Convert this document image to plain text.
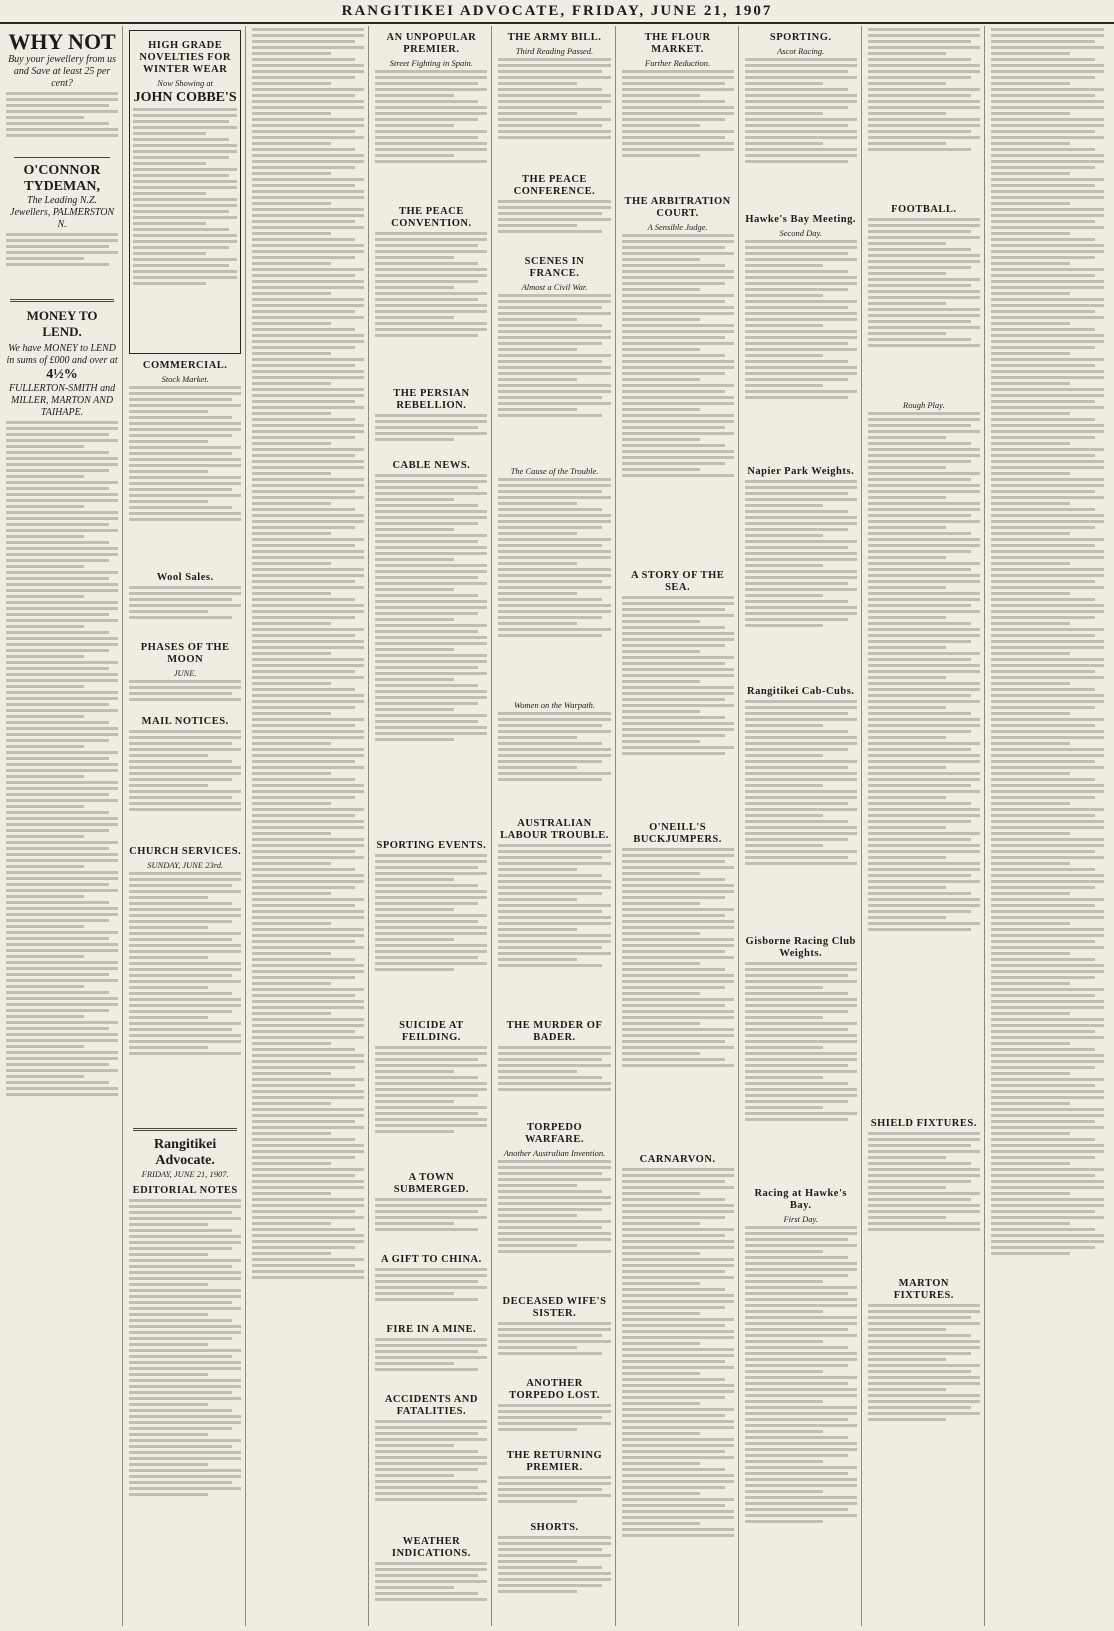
RANGITIKEI ADVOCATE, FRIDAY, JUNE 21, 1907
WHY NOT
Buy your jewellery from us and Save at least 25 per cent?
O'CONNOR
TYDEMAN,
The Leading N.Z. Jewellers, PALMERSTON N.
MONEY TO LEND.
We have MONEY to LEND in sums of £000 and over at
4½%
FULLERTON-SMITH and MILLER, MARTON AND TAIHAPE.
HIGH GRADE NOVELTIES FOR WINTER WEAR
Now Showing at
JOHN COBBE'S
COMMERCIAL.
Stock Market.
Wool Sales.
PHASES OF THE MOON
JUNE.
MAIL NOTICES.
CHURCH SERVICES.
SUNDAY, JUNE 23rd.
Rangitikei Advocate.
FRIDAY, JUNE 21, 1907.
EDITORIAL NOTES
AN UNPOPULAR PREMIER.
Street Fighting in Spain.
THE PEACE CONVENTION.
THE PERSIAN REBELLION.
CABLE NEWS.
SPORTING EVENTS.
SUICIDE AT FEILDING.
A TOWN SUBMERGED.
A GIFT TO CHINA.
FIRE IN A MINE.
ACCIDENTS AND FATALITIES.
WEATHER INDICATIONS.
THE ARMY BILL.
Third Reading Passed.
THE PEACE CONFERENCE.
SCENES IN FRANCE.
Almost a Civil War.
The Cause of the Trouble.
Women on the Warpath.
AUSTRALIAN LABOUR TROUBLE.
THE MURDER OF BADER.
TORPEDO WARFARE.
Another Australian Invention.
DECEASED WIFE'S SISTER.
ANOTHER TORPEDO LOST.
THE RETURNING PREMIER.
SHORTS.
THE FLOUR MARKET.
Further Reduction.
THE ARBITRATION COURT.
A Sensible Judge.
A STORY OF THE SEA.
O'NEILL'S BUCKJUMPERS.
CARNARVON.
SPORTING.
Ascot Racing.
Hawke's Bay Meeting.
Second Day.
Napier Park Weights.
Rangitikei Cab-Cubs.
Gisborne Racing Club Weights.
Racing at Hawke's Bay.
First Day.
FOOTBALL.
Rough Play.
SHIELD FIXTURES.
MARTON FIXTURES.
